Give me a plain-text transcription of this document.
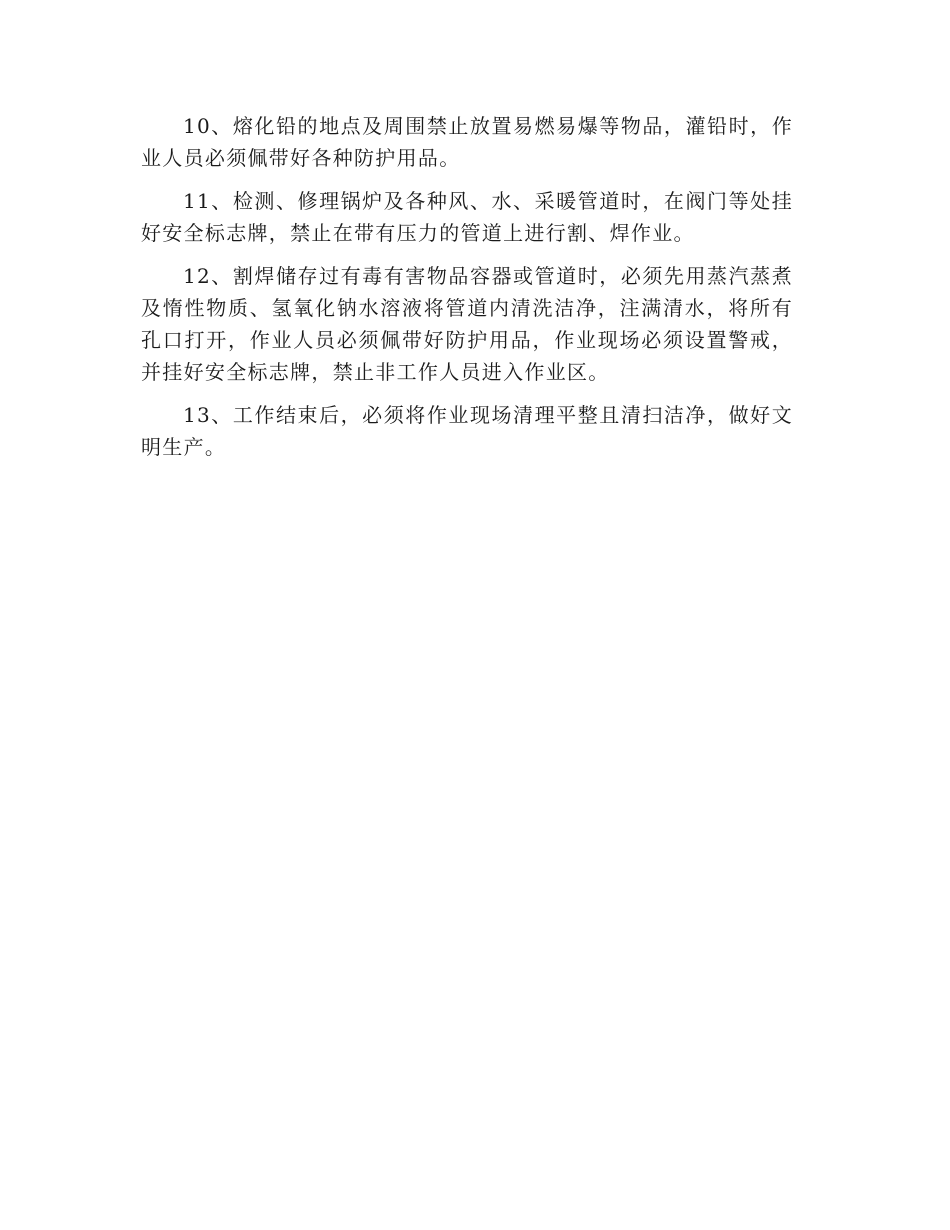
10、熔化铅的地点及周围禁止放置易燃易爆等物品，灌铅时，作业人员必须佩带好各种防护用品。

11、检测、修理锅炉及各种风、水、采暖管道时，在阀门等处挂好安全标志牌，禁止在带有压力的管道上进行割、焊作业。

12、割焊储存过有毒有害物品容器或管道时，必须先用蒸汽蒸煮及惰性物质、氢氧化钠水溶液将管道内清洗洁净，注满清水，将所有孔口打开，作业人员必须佩带好防护用品，作业现场必须设置警戒，并挂好安全标志牌，禁止非工作人员进入作业区。

13、工作结束后，必须将作业现场清理平整且清扫洁净，做好文明生产。
